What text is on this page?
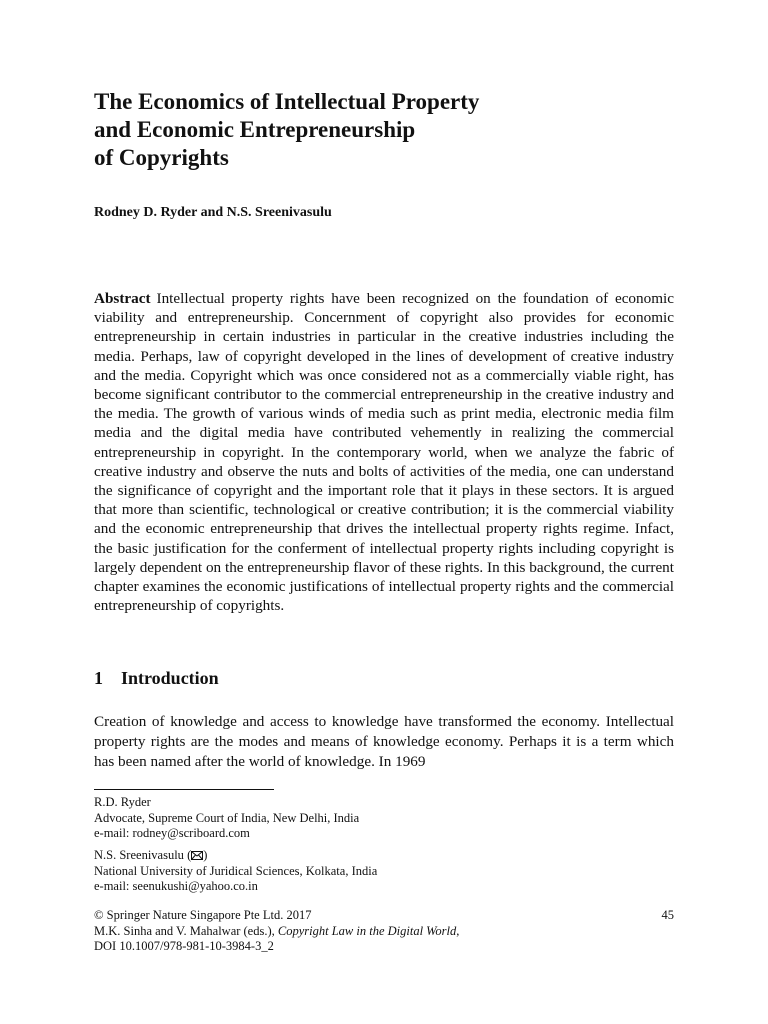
The Economics of Intellectual Property
and Economic Entrepreneurship
of Copyrights
Rodney D. Ryder and N.S. Sreenivasulu
Abstract Intellectual property rights have been recognized on the foundation of economic viability and entrepreneurship. Concernment of copyright also provides for economic entrepreneurship in certain industries in particular in the creative industries including the media. Perhaps, law of copyright developed in the lines of development of creative industry and the media. Copyright which was once considered not as a commercially viable right, has become significant contributor to the commercial entrepreneurship in the creative industry and the media. The growth of various winds of media such as print media, electronic media film media and the digital media have contributed vehemently in realizing the commercial entrepreneurship in copyright. In the contemporary world, when we analyze the fabric of creative industry and observe the nuts and bolts of activities of the media, one can understand the significance of copyright and the important role that it plays in these sectors. It is argued that more than scientific, technological or creative contribution; it is the commercial viability and the economic entrepreneurship that drives the intellectual property rights regime. Infact, the basic justification for the conferment of intellectual property rights including copyright is largely dependent on the entrepreneurship flavor of these rights. In this background, the current chapter examines the economic justifications of intellectual property rights and the commercial entrepreneurship of copyrights.
1 Introduction
Creation of knowledge and access to knowledge have transformed the economy. Intellectual property rights are the modes and means of knowledge economy. Perhaps it is a term which has been named after the world of knowledge. In 1969
R.D. Ryder
Advocate, Supreme Court of India, New Delhi, India
e-mail: rodney@scriboard.com
N.S. Sreenivasulu ( )
National University of Juridical Sciences, Kolkata, India
e-mail: seenukushi@yahoo.co.in
© Springer Nature Singapore Pte Ltd. 2017	45
M.K. Sinha and V. Mahalwar (eds.), Copyright Law in the Digital World,
DOI 10.1007/978-981-10-3984-3_2
